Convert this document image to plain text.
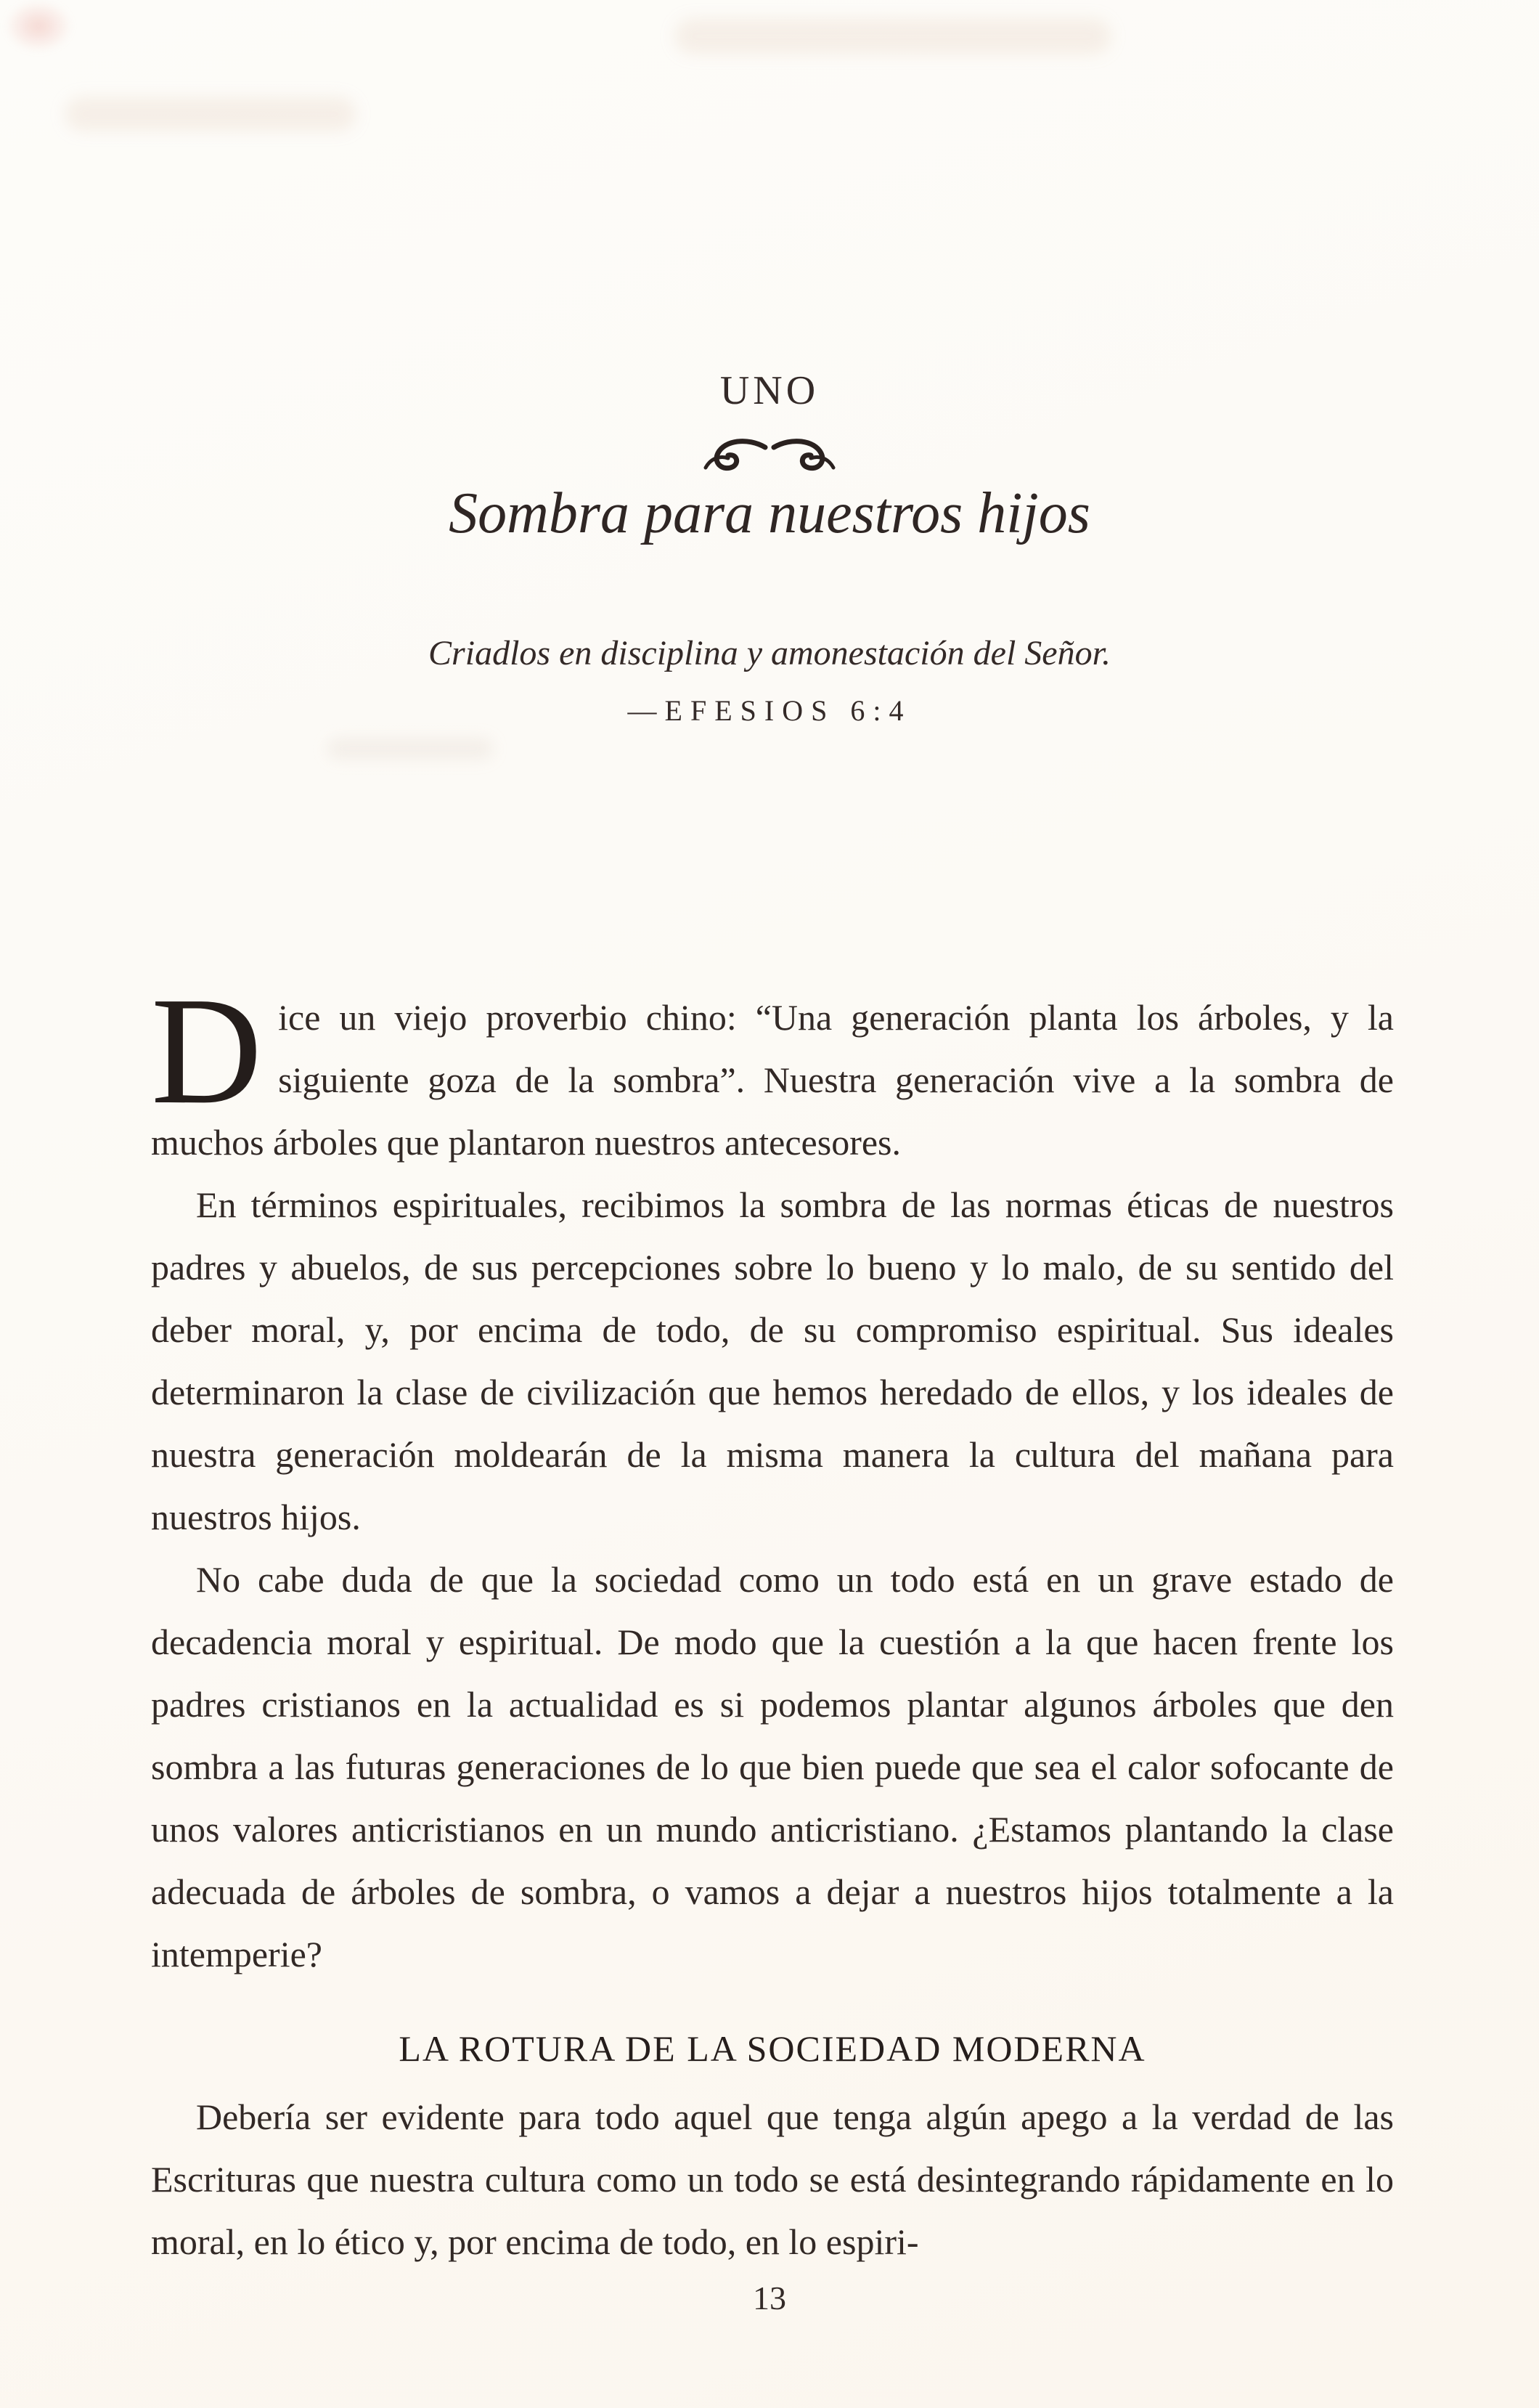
UNO
Sombra para nuestros hijos
Criadlos en disciplina y amonestación del Señor.
—EFESIOS 6:4

Dice un viejo proverbio chino: “Una generación planta los árboles, y la siguiente goza de la sombra”. Nuestra generación vive a la sombra de muchos árboles que plantaron nuestros antecesores.

En términos espirituales, recibimos la sombra de las normas éticas de nuestros padres y abuelos, de sus percepciones sobre lo bueno y lo malo, de su sentido del deber moral, y, por encima de todo, de su compromiso espiritual. Sus ideales determinaron la clase de civilización que hemos heredado de ellos, y los ideales de nuestra generación moldearán de la misma manera la cultura del mañana para nuestros hijos.

No cabe duda de que la sociedad como un todo está en un grave estado de decadencia moral y espiritual. De modo que la cuestión a la que hacen frente los padres cristianos en la actualidad es si podemos plantar algunos árboles que den sombra a las futuras generaciones de lo que bien puede que sea el calor sofocante de unos valores anticristianos en un mundo anticristiano. ¿Estamos plantando la clase adecuada de árboles de sombra, o vamos a dejar a nuestros hijos totalmente a la intemperie?

LA ROTURA DE LA SOCIEDAD MODERNA

Debería ser evidente para todo aquel que tenga algún apego a la verdad de las Escrituras que nuestra cultura como un todo se está desintegrando rápidamente en lo moral, en lo ético y, por encima de todo, en lo espiri-

13
